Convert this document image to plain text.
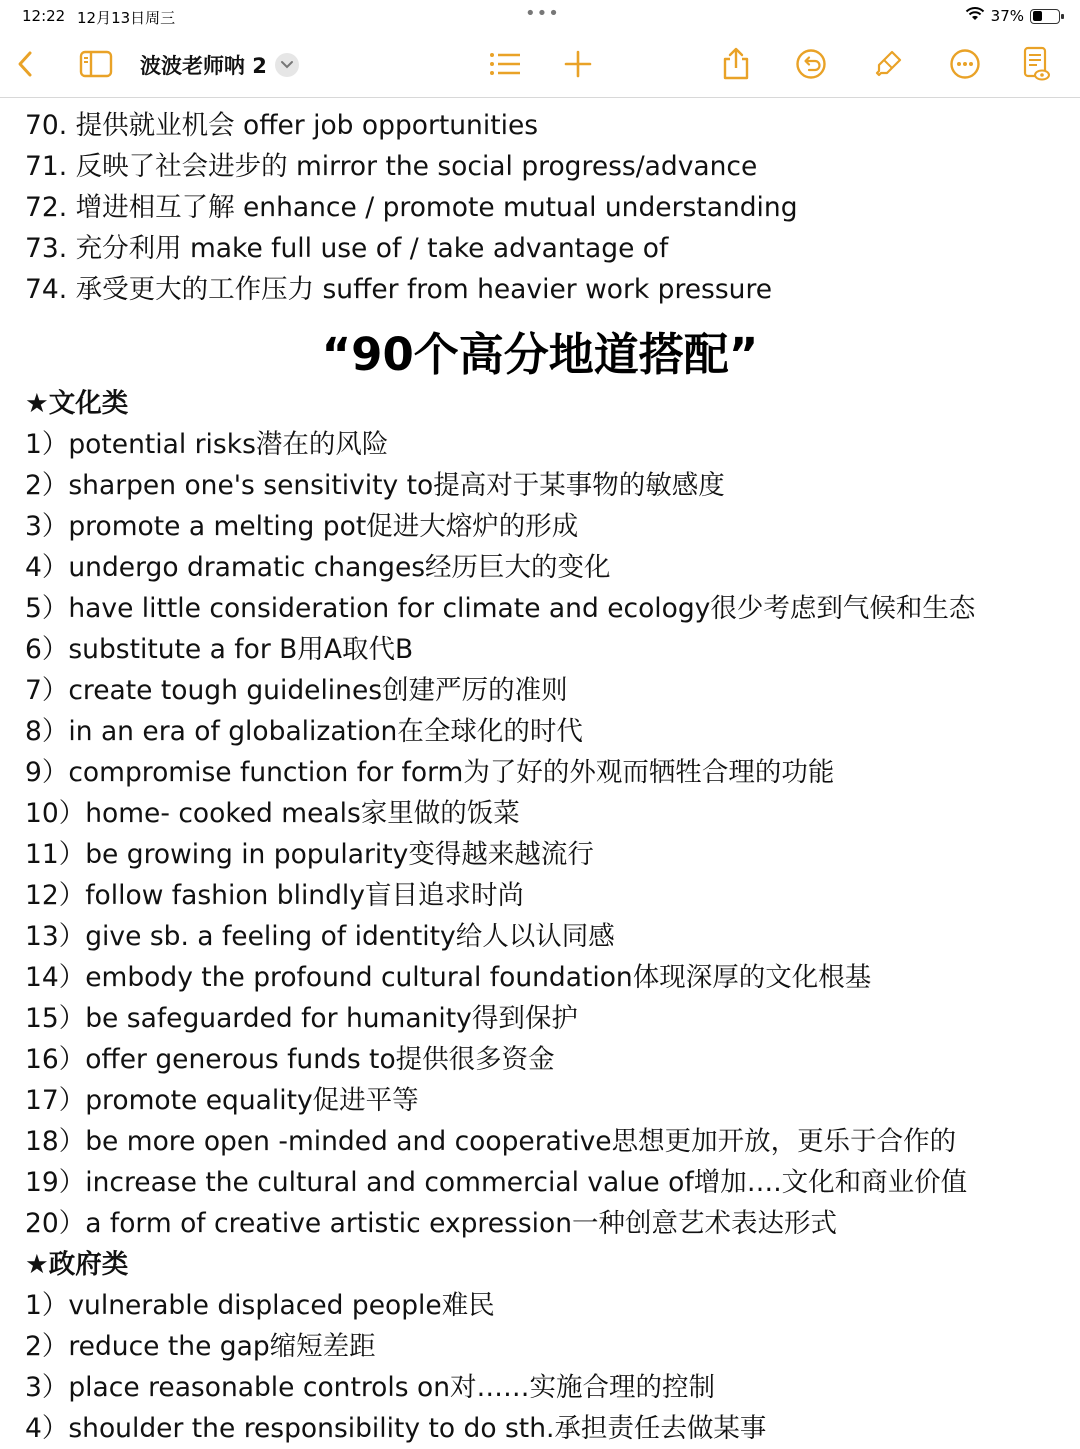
12:22 12月13日周三	•••	37%
波波老师呐 2
70. 提供就业机会 offer job opportunities
71. 反映了社会进步的 mirror the social progress/advance
72. 增进相互了解 enhance / promote mutual understanding
73. 充分利用 make full use of / take advantage of
74. 承受更大的工作压力 suffer from heavier work pressure
“90个高分地道搭配”
★文化类
1）potential risks潜在的风险
2）sharpen one's sensitivity to提高对于某事物的敏感度
3）promote a melting pot促进大熔炉的形成
4）undergo dramatic changes经历巨大的变化
5）have little consideration for climate and ecology很少考虑到气候和生态
6）substitute a for B用A取代B
7）create tough guidelines创建严厉的准则
8）in an era of globalization在全球化的时代
9）compromise function for form为了好的外观而牺牲合理的功能
10）home- cooked meals家里做的饭菜
11）be growing in popularity变得越来越流行
12）follow fashion blindly盲目追求时尚
13）give sb. a feeling of identity给人以认同感
14）embody the profound cultural foundation体现深厚的文化根基
15）be safeguarded for humanity得到保护
16）offer generous funds to提供很多资金
17）promote equality促进平等
18）be more open -minded and cooperative思想更加开放，更乐于合作的
19）increase the cultural and commercial value of增加….文化和商业价值
20）a form of creative artistic expression一种创意艺术表达形式
★政府类
1）vulnerable displaced people难民
2）reduce the gap缩短差距
3）place reasonable controls on对……实施合理的控制
4）shoulder the responsibility to do sth.承担责任去做某事
